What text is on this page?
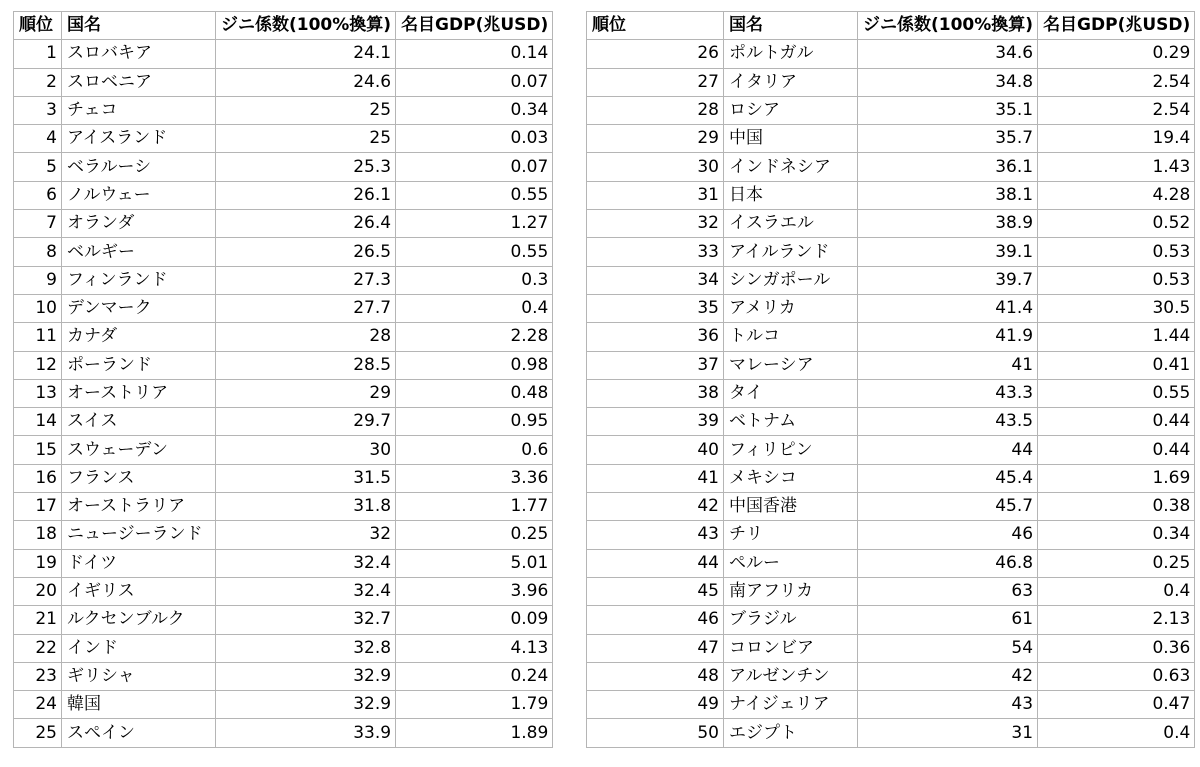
順位	国名	ジニ係数(100%換算)	名目GDP(兆USD)
1	スロバキア	24.1	0.14
2	スロベニア	24.6	0.07
3	チェコ	25	0.34
4	アイスランド	25	0.03
5	ベラルーシ	25.3	0.07
6	ノルウェー	26.1	0.55
7	オランダ	26.4	1.27
8	ベルギー	26.5	0.55
9	フィンランド	27.3	0.3
10	デンマーク	27.7	0.4
11	カナダ	28	2.28
12	ポーランド	28.5	0.98
13	オーストリア	29	0.48
14	スイス	29.7	0.95
15	スウェーデン	30	0.6
16	フランス	31.5	3.36
17	オーストラリア	31.8	1.77
18	ニュージーランド	32	0.25
19	ドイツ	32.4	5.01
20	イギリス	32.4	3.96
21	ルクセンブルク	32.7	0.09
22	インド	32.8	4.13
23	ギリシャ	32.9	0.24
24	韓国	32.9	1.79
25	スペイン	33.9	1.89
順位	国名	ジニ係数(100%換算)	名目GDP(兆USD)
26	ポルトガル	34.6	0.29
27	イタリア	34.8	2.54
28	ロシア	35.1	2.54
29	中国	35.7	19.4
30	インドネシア	36.1	1.43
31	日本	38.1	4.28
32	イスラエル	38.9	0.52
33	アイルランド	39.1	0.53
34	シンガポール	39.7	0.53
35	アメリカ	41.4	30.5
36	トルコ	41.9	1.44
37	マレーシア	41	0.41
38	タイ	43.3	0.55
39	ベトナム	43.5	0.44
40	フィリピン	44	0.44
41	メキシコ	45.4	1.69
42	中国香港	45.7	0.38
43	チリ	46	0.34
44	ペルー	46.8	0.25
45	南アフリカ	63	0.4
46	ブラジル	61	2.13
47	コロンビア	54	0.36
48	アルゼンチン	42	0.63
49	ナイジェリア	43	0.47
50	エジプト	31	0.4
